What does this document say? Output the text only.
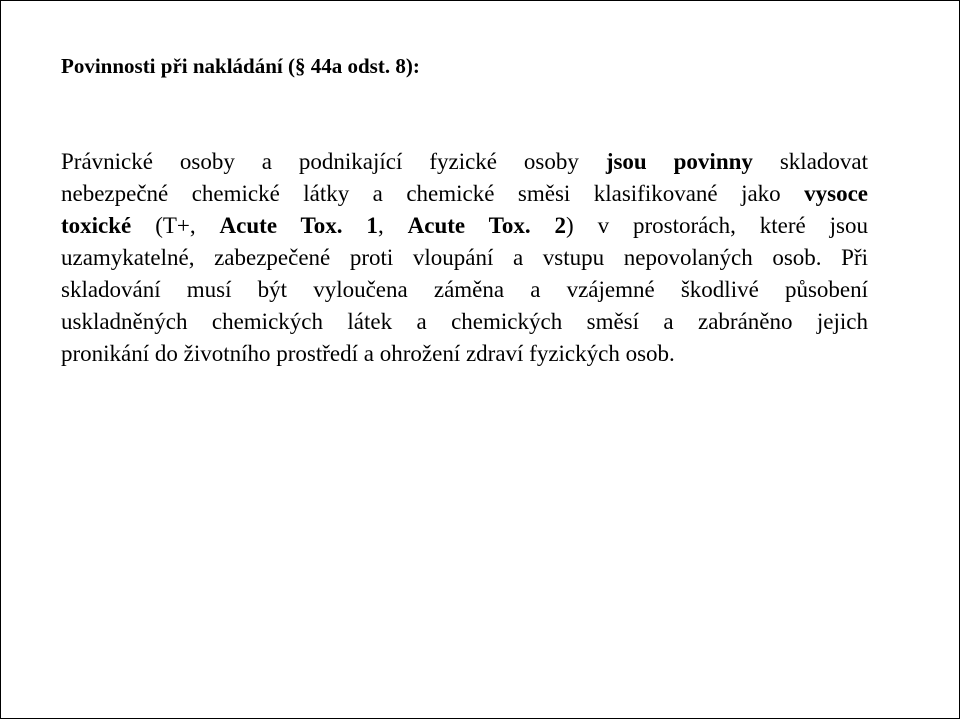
Povinnosti při nakládání (§ 44a odst. 8):
Právnické osoby a podnikající fyzické osoby jsou povinny skladovat
nebezpečné chemické látky a chemické směsi klasifikované jako vysoce
toxické (T+, Acute Tox. 1, Acute Tox. 2) v prostorách, které jsou
uzamykatelné, zabezpečené proti vloupání a vstupu nepovolaných osob. Při
skladování musí být vyloučena záměna a vzájemné škodlivé působení
uskladněných chemických látek a chemických směsí a zabráněno jejich
pronikání do životního prostředí a ohrožení zdraví fyzických osob.
